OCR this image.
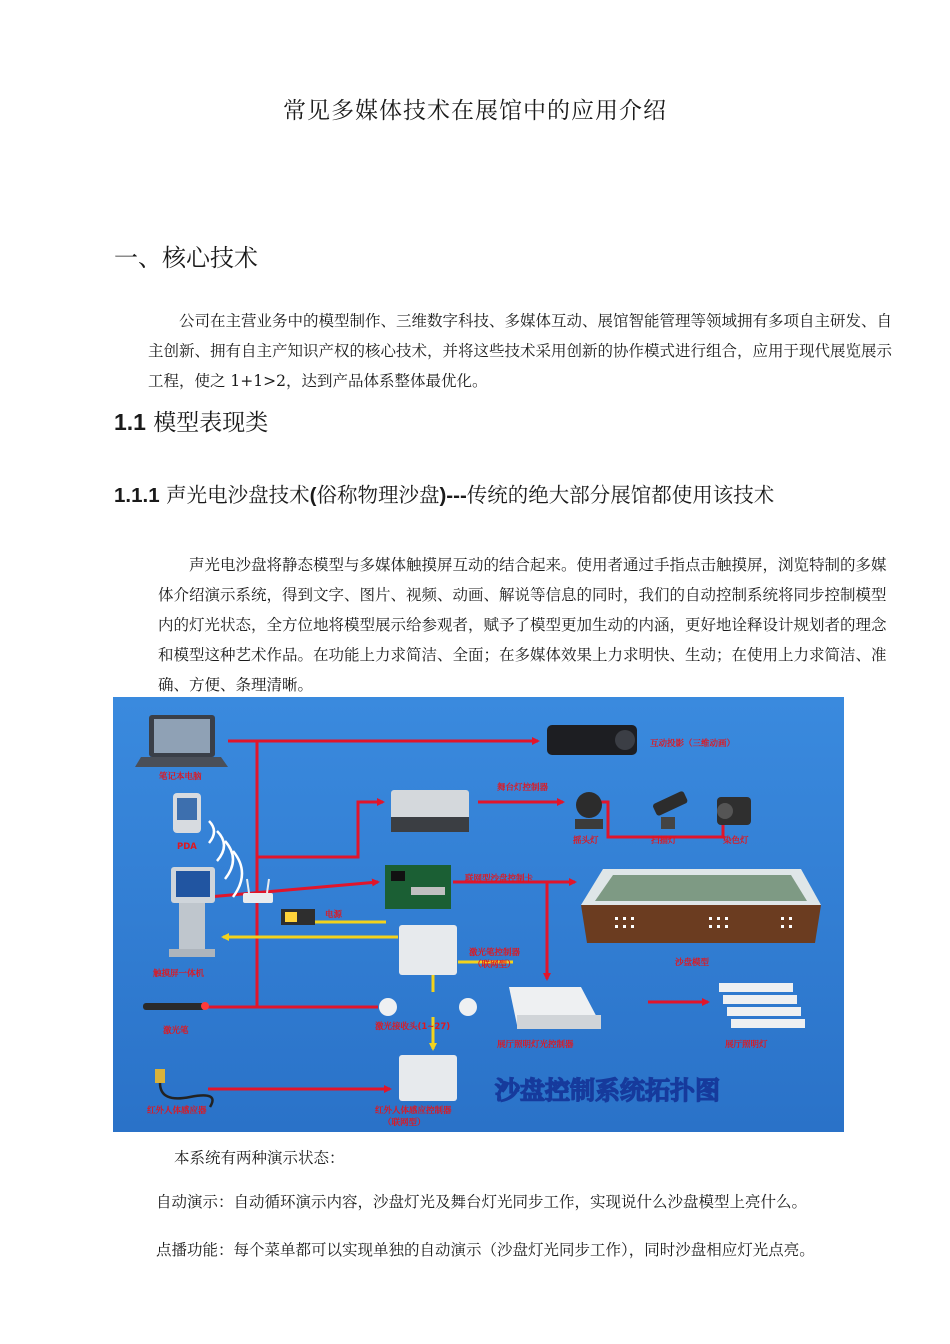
常见多媒体技术在展馆中的应用介绍
一、核心技术
公司在主营业务中的模型制作、三维数字科技、多媒体互动、展馆智能管理等领域拥有多项自主研发、自主创新、拥有自主产知识产权的核心技术，并将这些技术采用创新的协作模式进行组合，应用于现代展览展示工程，使之 1+1>2，达到产品体系整体最优化。
1.1 模型表现类
1.1.1 声光电沙盘技术(俗称物理沙盘)---传统的绝大部分展馆都使用该技术
声光电沙盘将静态模型与多媒体触摸屏互动的结合起来。使用者通过手指点击触摸屏，浏览特制的多媒体介绍演示系统，得到文字、图片、视频、动画、解说等信息的同时，我们的自动控制系统将同步控制模型内的灯光状态，全方位地将模型展示给参观者，赋予了模型更加生动的内涵，更好地诠释设计规划者的理念和模型这种艺术作品。在功能上力求简洁、全面；在多媒体效果上力求明快、生动；在使用上力求简洁、准确、方便、条理清晰。
笔记本电脑
PDA
触摸屏一体机
激光笔
红外人体感应器
互动投影（三维动画）
舞台灯控制器
摇头灯	扫描灯	染色灯
联网型沙盘控制卡
电源
激光笔控制器
（联网型）	沙盘模型
激光接收头(1~27)
展厅照明灯光控制器	展厅照明灯
红外人体感应控制器
（联网型）
沙盘控制系统拓扑图
本系统有两种演示状态：
自动演示：自动循环演示内容，沙盘灯光及舞台灯光同步工作，实现说什么沙盘模型上亮什么。
点播功能：每个菜单都可以实现单独的自动演示（沙盘灯光同步工作），同时沙盘相应灯光点亮。
